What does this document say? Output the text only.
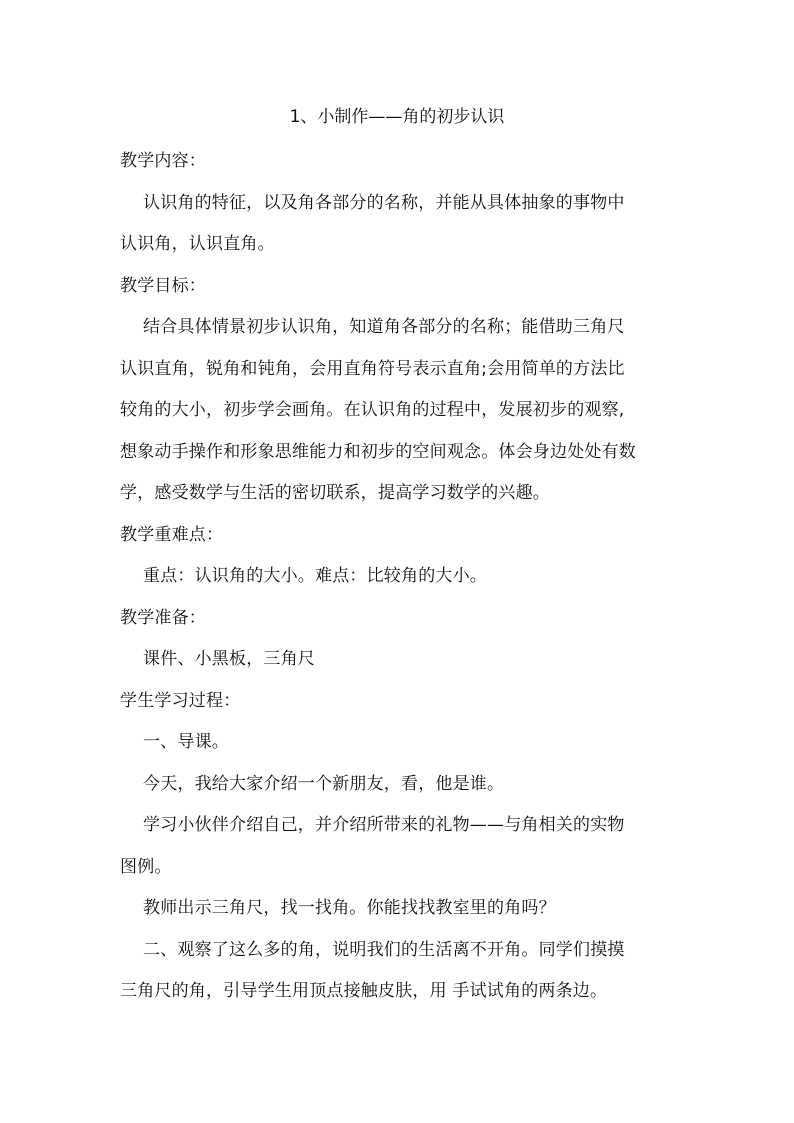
1、小制作——角的初步认识
教学内容：
认识角的特征，以及角各部分的名称，并能从具体抽象的事物中
认识角，认识直角。
教学目标：
结合具体情景初步认识角，知道角各部分的名称；能借助三角尺
认识直角，锐角和钝角，会用直角符号表示直角;会用简单的方法比
较角的大小，初步学会画角。在认识角的过程中，发展初步的观察,
想象动手操作和形象思维能力和初步的空间观念。体会身边处处有数
学，感受数学与生活的密切联系，提高学习数学的兴趣。
教学重难点：
重点：认识角的大小。难点：比较角的大小。
教学准备：
课件、小黑板，三角尺
学生学习过程：
一、导课。
今天，我给大家介绍一个新朋友，看，他是谁。
学习小伙伴介绍自己，并介绍所带来的礼物——与角相关的实物
图例。
教师出示三角尺，找一找角。你能找找教室里的角吗？
二、观察了这么多的角，说明我们的生活离不开角。同学们摸摸
三角尺的角，引导学生用顶点接触皮肤，用 手试试角的两条边。
